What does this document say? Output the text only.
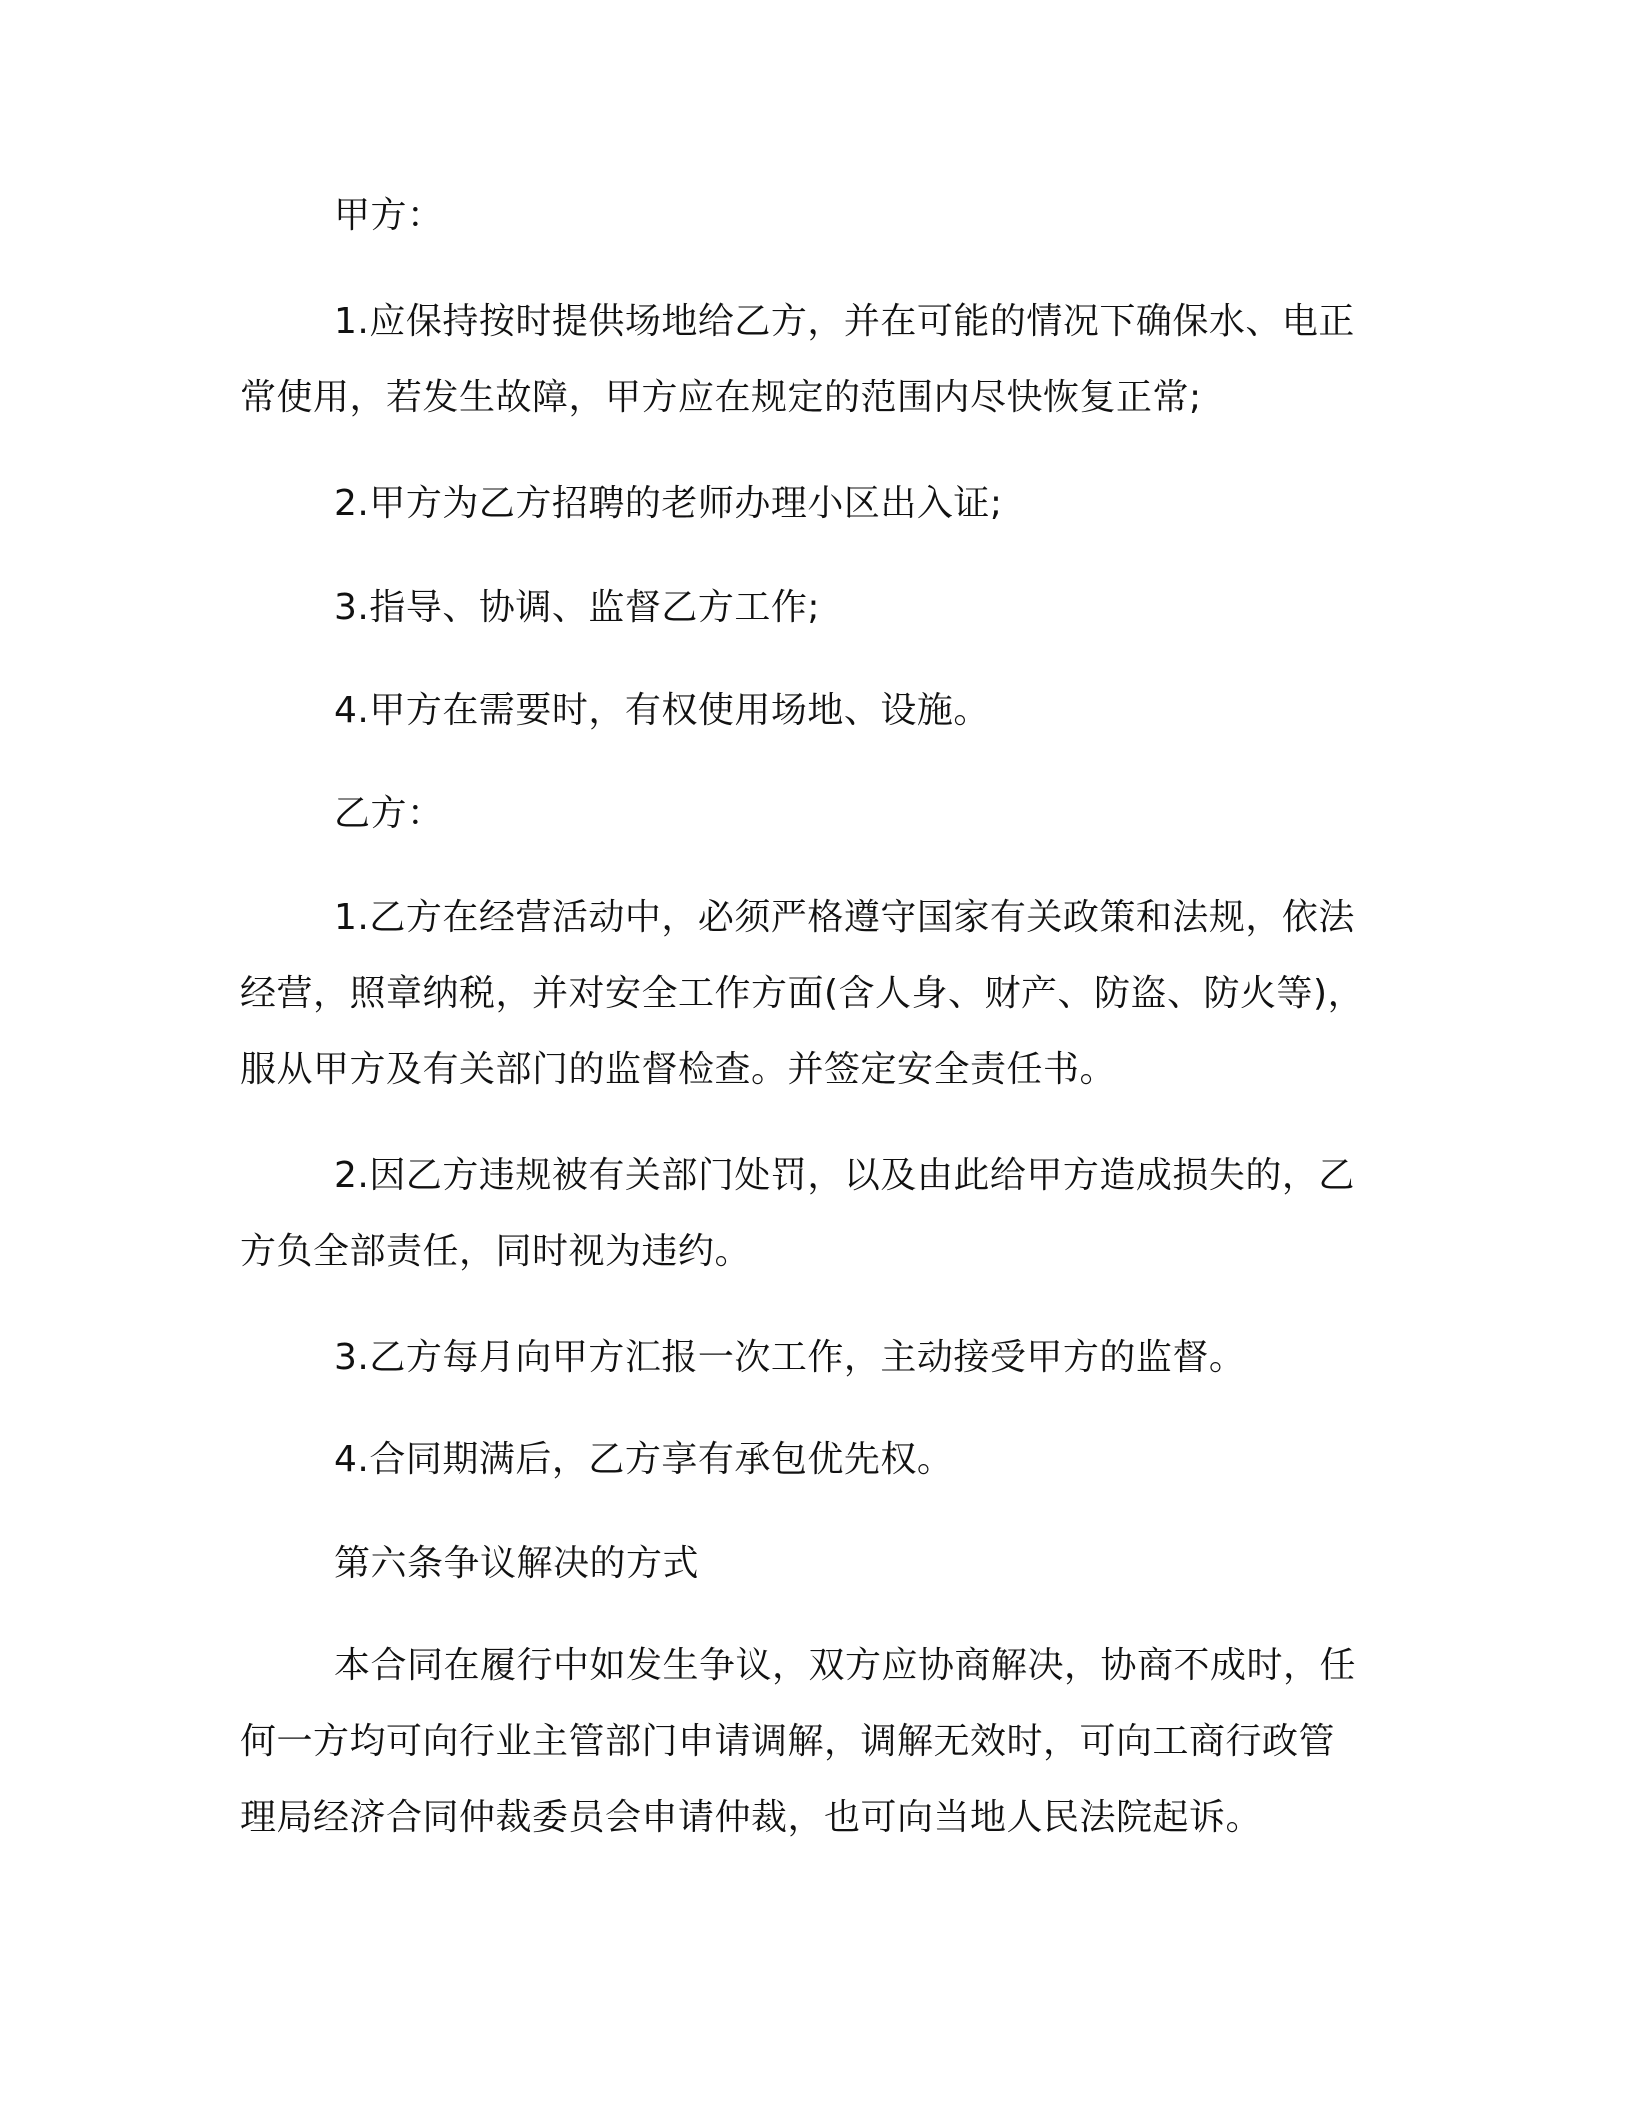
甲方：
1.应保持按时提供场地给乙方，并在可能的情况下确保水、电正
常使用，若发生故障，甲方应在规定的范围内尽快恢复正常;
2.甲方为乙方招聘的老师办理小区出入证;
3.指导、协调、监督乙方工作;
4.甲方在需要时，有权使用场地、设施。
乙方：
1.乙方在经营活动中，必须严格遵守国家有关政策和法规，依法
经营，照章纳税，并对安全工作方面(含人身、财产、防盗、防火等)，
服从甲方及有关部门的监督检查。并签定安全责任书。
2.因乙方违规被有关部门处罚，以及由此给甲方造成损失的，乙
方负全部责任，同时视为违约。
3.乙方每月向甲方汇报一次工作，主动接受甲方的监督。
4.合同期满后，乙方享有承包优先权。
第六条争议解决的方式
本合同在履行中如发生争议，双方应协商解决，协商不成时，任
何一方均可向行业主管部门申请调解，调解无效时，可向工商行政管
理局经济合同仲裁委员会申请仲裁，也可向当地人民法院起诉。
